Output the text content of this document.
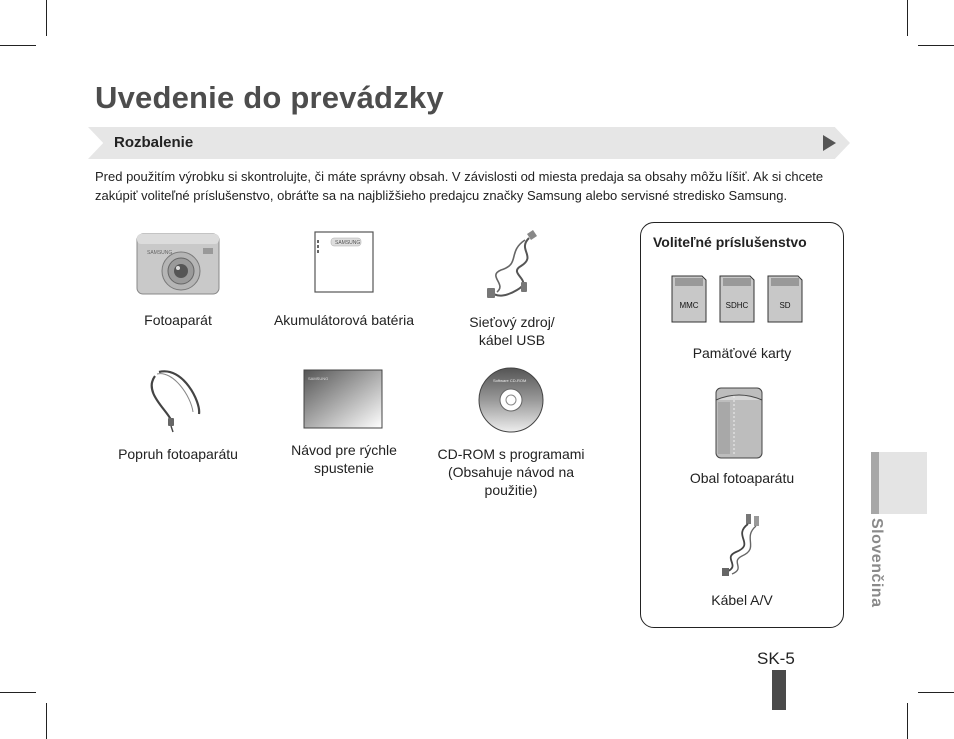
Uvedenie do prevádzky
Rozbalenie

Pred použitím výrobku si skontrolujte, či máte správny obsah. V závislosti od miesta predaja sa obsahy môžu líšiť. Ak si chcete zakúpiť voliteľné príslušenstvo, obráťte sa na najbližšieho predajcu značky Samsung alebo servisné stredisko Samsung.

SAMSUNG
Fotoaparát
SAMSUNG
Akumulátorová batéria	Sieťový zdroj/
kábel USB
Popruh fotoaparátu
SAMSUNG
Návod pre rýchle
spustenie
Software CD-ROM
CD-ROM s programami
(Obsahuje návod na
použitie)
Voliteľné príslušenstvo
MMC	SDHC	SD
Pamäťové karty
Obal fotoaparátu
Kábel A/V	Slovenčina
SK-5
